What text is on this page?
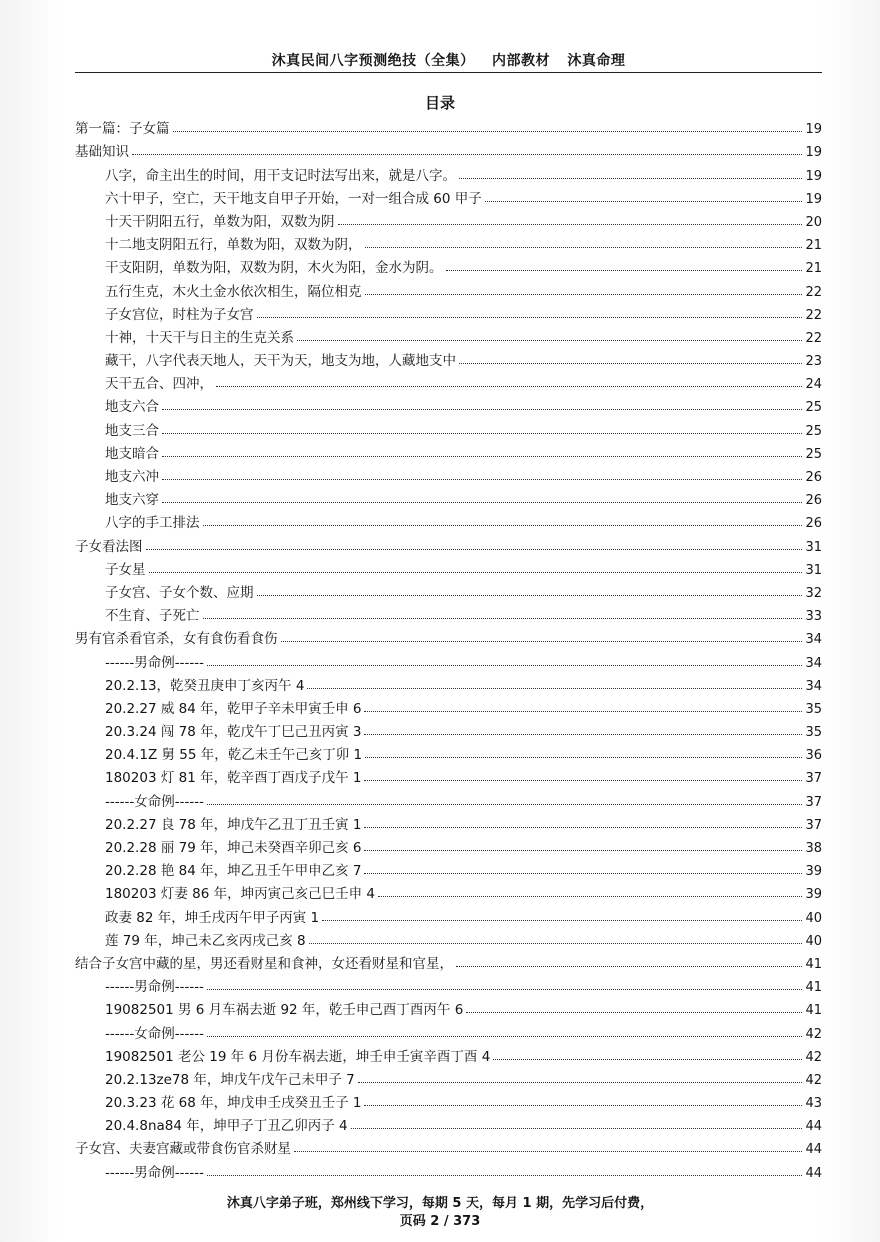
沐真民间八字预测绝技（全集） 内部教材 沐真命理
目录
第一篇：子女篇	19
基础知识	19
八字，命主出生的时间，用干支记时法写出来，就是八字。	19
六十甲子，空亡，天干地支自甲子开始，一对一组合成 60 甲子	19
十天干阴阳五行，单数为阳，双数为阴	20
十二地支阴阳五行，单数为阳，双数为阴，	21
干支阳阴，单数为阳，双数为阴，木火为阳，金水为阴。	21
五行生克，木火土金水依次相生，隔位相克	22
子女宫位，时柱为子女宫	22
十神，十天干与日主的生克关系	22
藏干，八字代表天地人，天干为天，地支为地，人藏地支中	23
天干五合、四冲，	24
地支六合	25
地支三合	25
地支暗合	25
地支六冲	26
地支六穿	26
八字的手工排法	26
子女看法图	31
子女星	31
子女宫、子女个数、应期	32
不生育、子死亡	33
男有官杀看官杀，女有食伤看食伤	34
------男命例------	34
20.2.13，乾癸丑庚申丁亥丙午 4	34
20.2.27 威 84 年，乾甲子辛未甲寅壬申 6	35
20.3.24 闯 78 年，乾戊午丁巳己丑丙寅 3	35
20.4.1Z 舅 55 年，乾乙未壬午己亥丁卯 1	36
180203 灯 81 年，乾辛酉丁酉戊子戊午 1	37
------女命例------	37
20.2.27 良 78 年，坤戊午乙丑丁丑壬寅 1	37
20.2.28 丽 79 年，坤己未癸酉辛卯己亥 6	38
20.2.28 艳 84 年，坤乙丑壬午甲申乙亥 7	39
180203 灯妻 86 年，坤丙寅己亥己巳壬申 4	39
政妻 82 年，坤壬戌丙午甲子丙寅 1	40
莲 79 年，坤己未乙亥丙戌己亥 8	40
结合子女宫中藏的星，男还看财星和食神，女还看财星和官星，	41
------男命例------	41
19082501 男 6 月车祸去逝 92 年，乾壬申己酉丁酉丙午 6	41
------女命例------	42
19082501 老公 19 年 6 月份车祸去逝，坤壬申壬寅辛酉丁酉 4	42
20.2.13ze78 年，坤戊午戊午己未甲子 7	42
20.3.23 花 68 年，坤戊申壬戌癸丑壬子 1	43
20.4.8na84 年，坤甲子丁丑乙卯丙子 4	44
子女宫、夫妻宫藏或带食伤官杀财星	44
------男命例------	44
沐真八字弟子班，郑州线下学习，每期 5 天，每月 1 期，先学习后付费，
页码 2 / 373
